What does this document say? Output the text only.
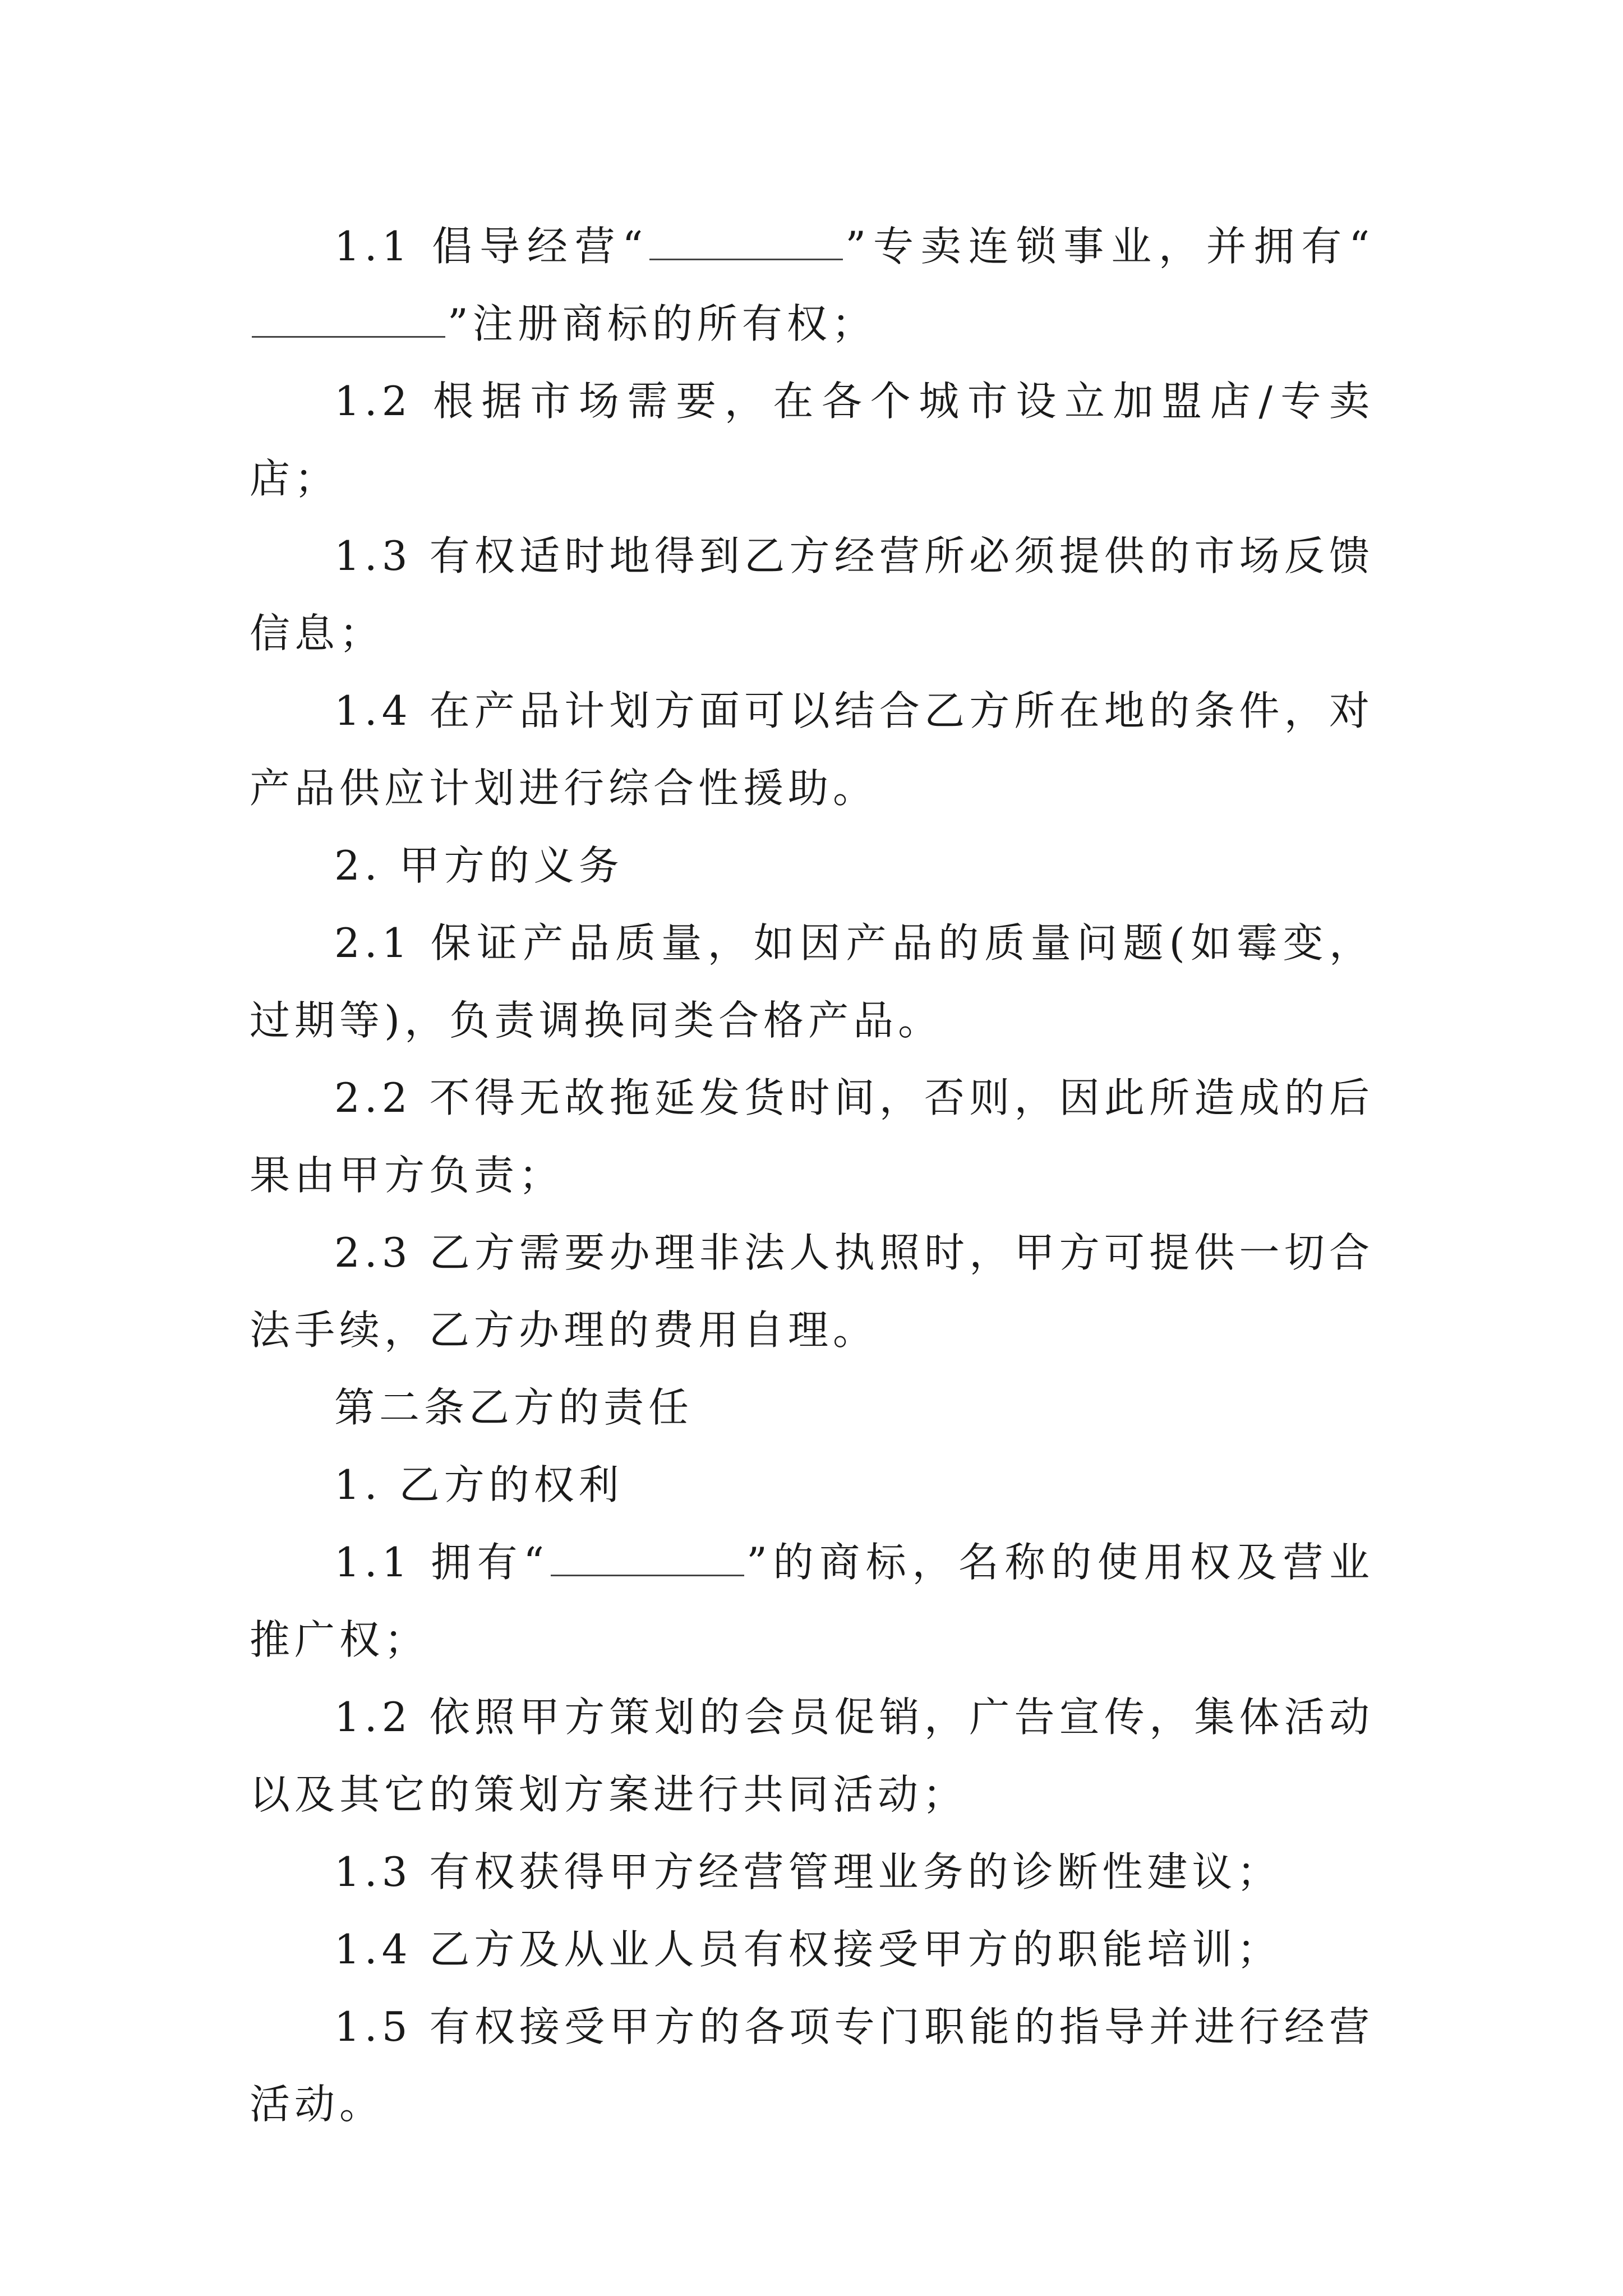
1.1 倡导经营“	”专卖连锁事业，并拥有“”注册商标的所有权；

1.2 根据市场需要，在各个城市设立加盟店/专卖店；

1.3 有权适时地得到乙方经营所必须提供的市场反馈信息；

1.4 在产品计划方面可以结合乙方所在地的条件，对产品供应计划进行综合性援助。

2. 甲方的义务

2.1 保证产品质量，如因产品的质量问题(如霉变，过期等)，负责调换同类合格产品。

2.2 不得无故拖延发货时间，否则，因此所造成的后果由甲方负责；

2.3 乙方需要办理非法人执照时，甲方可提供一切合法手续，乙方办理的费用自理。

第二条乙方的责任

1. 乙方的权利

1.1 拥有“	”的商标，名称的使用权及营业推广权；

1.2 依照甲方策划的会员促销，广告宣传，集体活动以及其它的策划方案进行共同活动；

1.3 有权获得甲方经营管理业务的诊断性建议；

1.4 乙方及从业人员有权接受甲方的职能培训；

1.5 有权接受甲方的各项专门职能的指导并进行经营活动。
